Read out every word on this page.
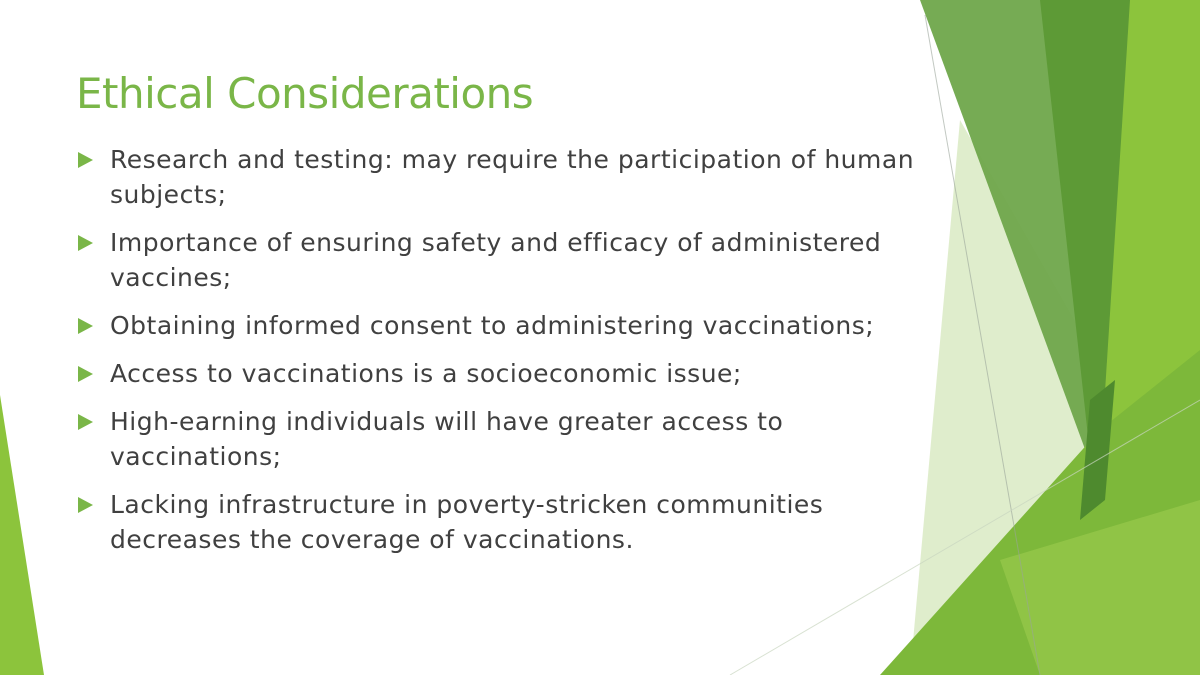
Ethical Considerations
Research and testing: may require the participation of human subjects;
Importance of ensuring safety and efficacy of administered vaccines;
Obtaining informed consent to administering vaccinations;
Access to vaccinations is a socioeconomic issue;
High-earning individuals will have greater access to vaccinations;
Lacking infrastructure in poverty-stricken communities decreases the coverage of vaccinations.
